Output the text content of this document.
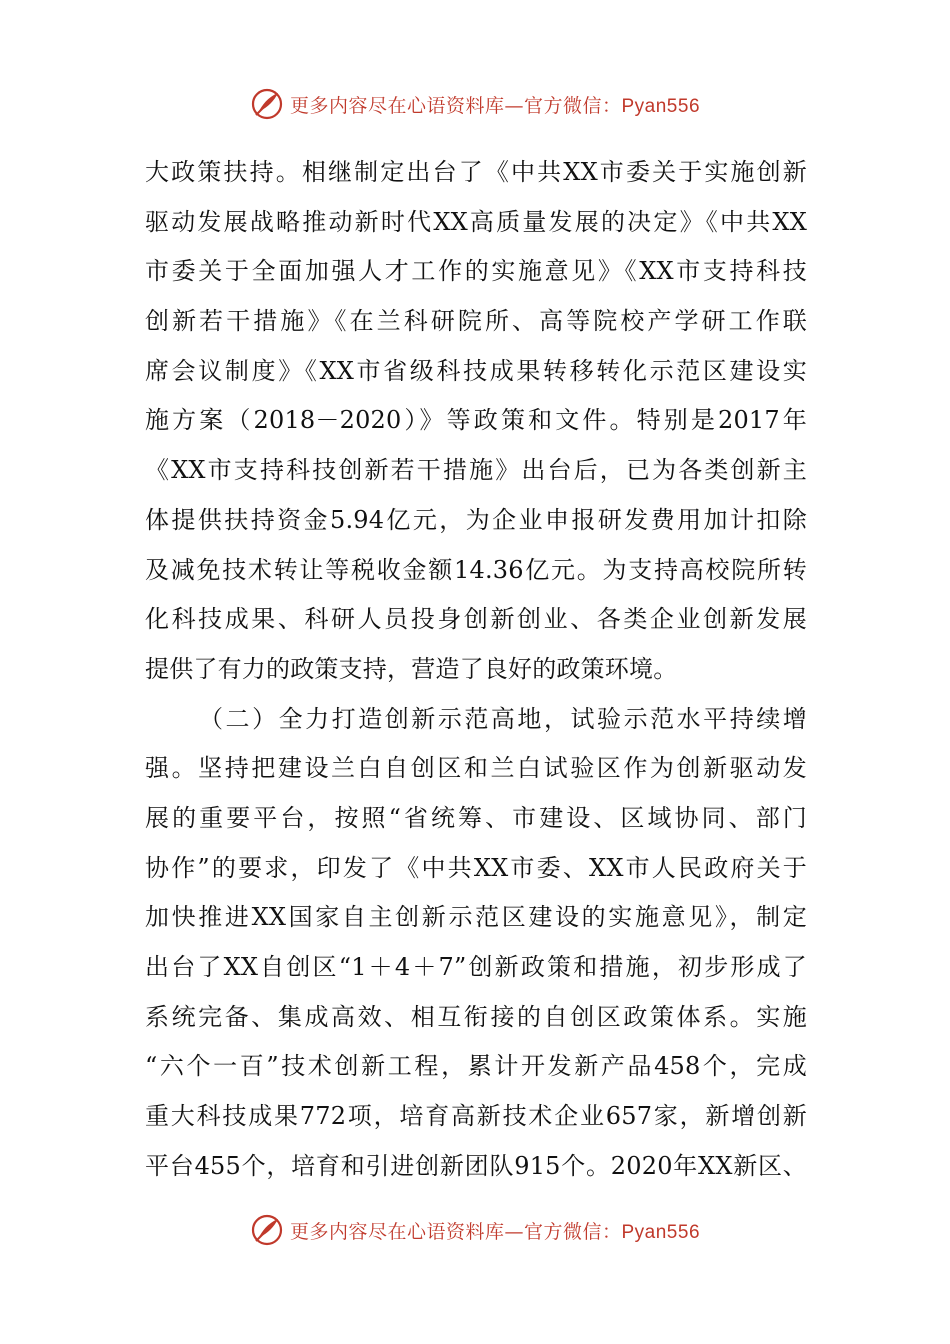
更多内容尽在心语资料库—官方微信：Pyan556
大政策扶持。相继制定出台了《中共XX市委关于实施创新
驱动发展战略推动新时代XX高质量发展的决定》《中共XX
市委关于全面加强人才工作的实施意见》《XX市支持科技
创新若干措施》《在兰科研院所、高等院校产学研工作联
席会议制度》《XX市省级科技成果转移转化示范区建设实
施方案（2018－2020）》等政策和文件。特别是2017年
《XX市支持科技创新若干措施》出台后，已为各类创新主
体提供扶持资金5.94亿元，为企业申报研发费用加计扣除
及减免技术转让等税收金额14.36亿元。为支持高校院所转
化科技成果、科研人员投身创新创业、各类企业创新发展
提供了有力的政策支持，营造了良好的政策环境。
（二）全力打造创新示范高地，试验示范水平持续增
强。坚持把建设兰白自创区和兰白试验区作为创新驱动发
展的重要平台，按照“省统筹、市建设、区域协同、部门
协作”的要求，印发了《中共XX市委、XX市人民政府关于
加快推进XX国家自主创新示范区建设的实施意见》，制定
出台了XX自创区“1＋4＋7”创新政策和措施，初步形成了
系统完备、集成高效、相互衔接的自创区政策体系。实施
“六个一百”技术创新工程，累计开发新产品458个，完成
重大科技成果772项，培育高新技术企业657家，新增创新
平台455个，培育和引进创新团队915个。2020年XX新区、
更多内容尽在心语资料库—官方微信：Pyan556
